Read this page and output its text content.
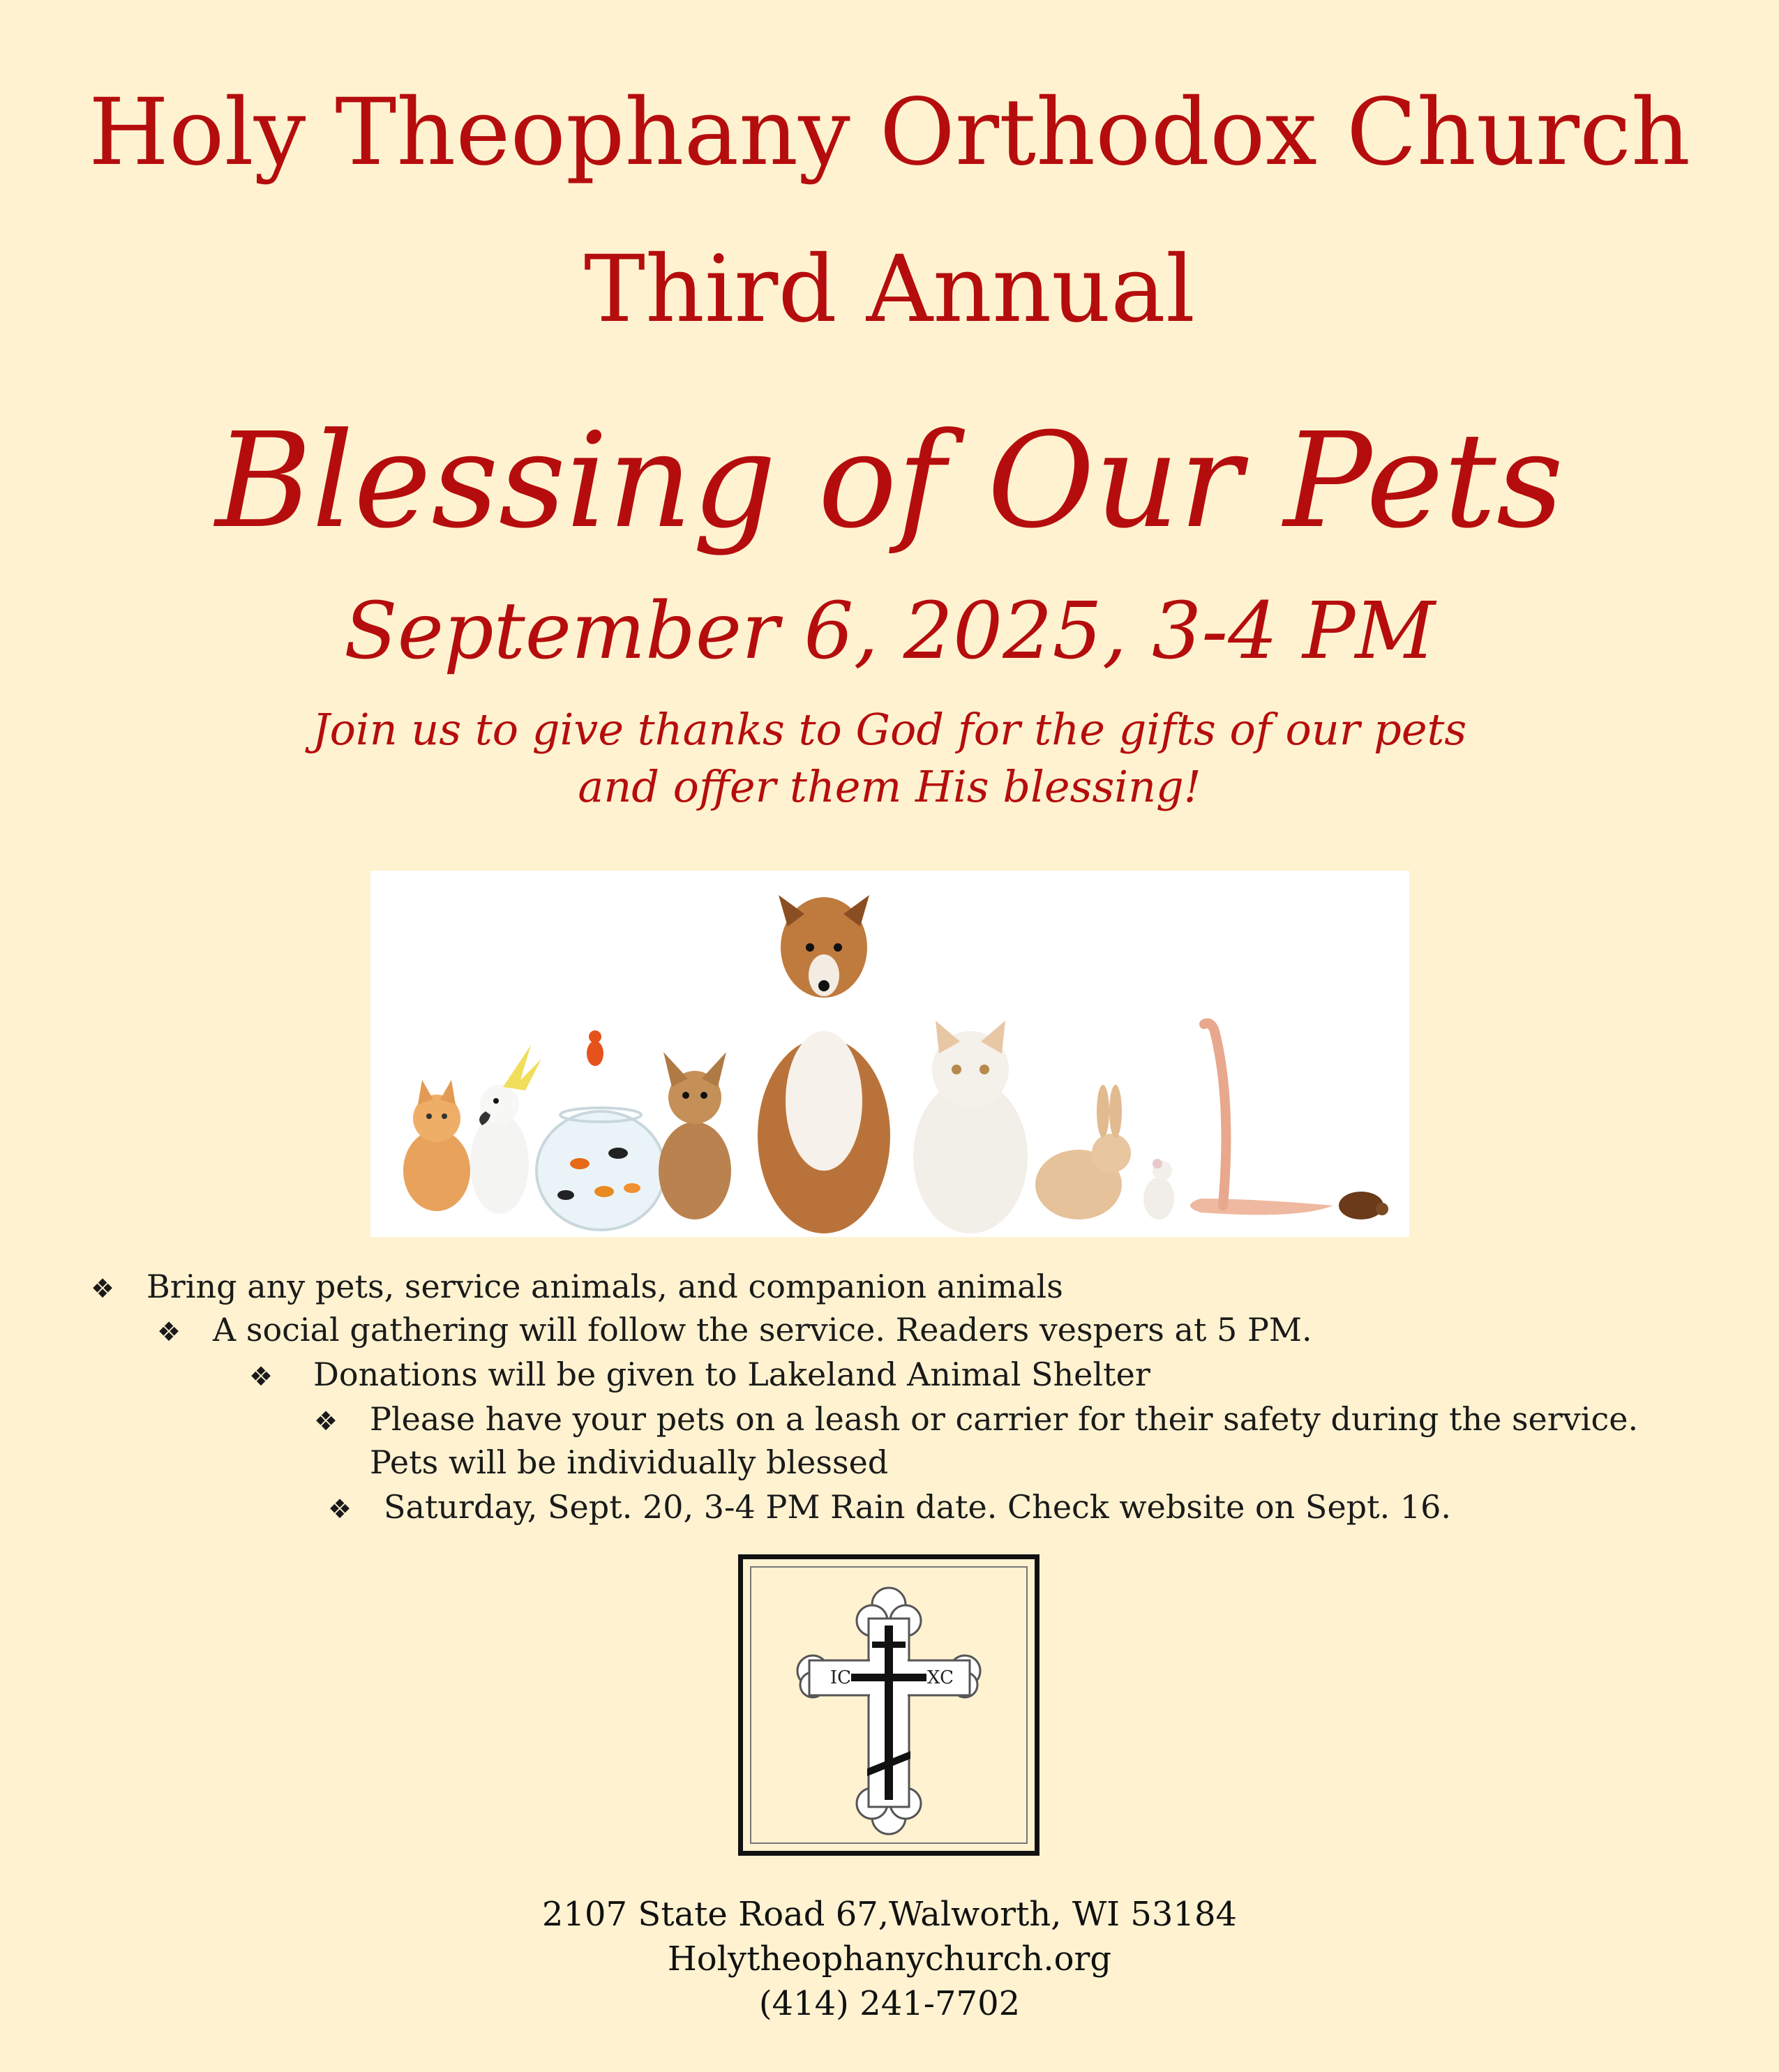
Holy Theophany Orthodox Church
Third Annual
Blessing of Our Pets
September 6, 2025, 3-4 PM
Join us to give thanks to God for the gifts of our pets
and offer them His blessing!
❖ Bring any pets, service animals, and companion animals
❖ A social gathering will follow the service. Readers vespers at 5 PM.
❖ Donations will be given to Lakeland Animal Shelter
❖ Please have your pets on a leash or carrier for their safety during the service.
Pets will be individually blessed
❖ Saturday, Sept. 20, 3-4 PM Rain date. Check website on Sept. 16.
IC	XC
2107 State Road 67,Walworth, WI 53184
Holytheophanychurch.org
(414) 241-7702
